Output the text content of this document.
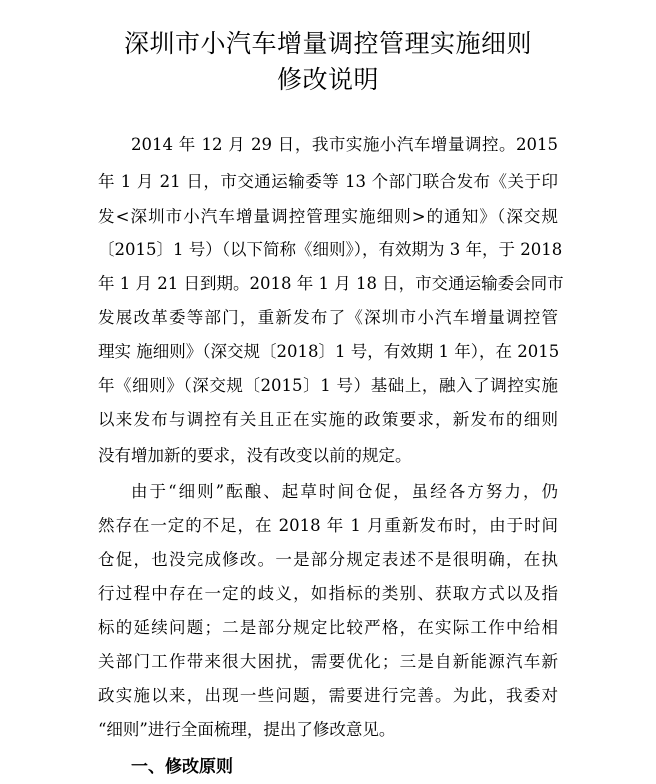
深圳市小汽车增量调控管理实施细则
修改说明
2014 年 12 月 29 日，我市实施小汽车增量调控。2015
年 1 月 21 日，市交通运输委等 13 个部门联合发布《关于印
发<深圳市小汽车增量调控管理实施细则>的通知》（深交规
〔2015〕1 号）（以下简称《细则》），有效期为 3 年，于 2018
年 1 月 21 日到期。2018 年 1 月 18 日，市交通运输委会同市
发展改革委等部门，重新发布了《深圳市小汽车增量调控管
理实 施细则》（深交规〔2018〕1 号，有效期 1 年），在 2015
年《细则》（深交规〔2015〕1 号）基础上，融入了调控实施
以来发布与调控有关且正在实施的政策要求，新发布的细则
没有增加新的要求，没有改变以前的规定。
由于“细则”酝酿、起草时间仓促，虽经各方努力，仍
然存在一定的不足，在 2018 年 1 月重新发布时，由于时间
仓促，也没完成修改。一是部分规定表述不是很明确，在执
行过程中存在一定的歧义，如指标的类别、获取方式以及指
标的延续问题；二是部分规定比较严格，在实际工作中给相
关部门工作带来很大困扰，需要优化；三是自新能源汽车新
政实施以来，出现一些问题，需要进行完善。为此，我委对
“细则”进行全面梳理，提出了修改意见。
一、修改原则
